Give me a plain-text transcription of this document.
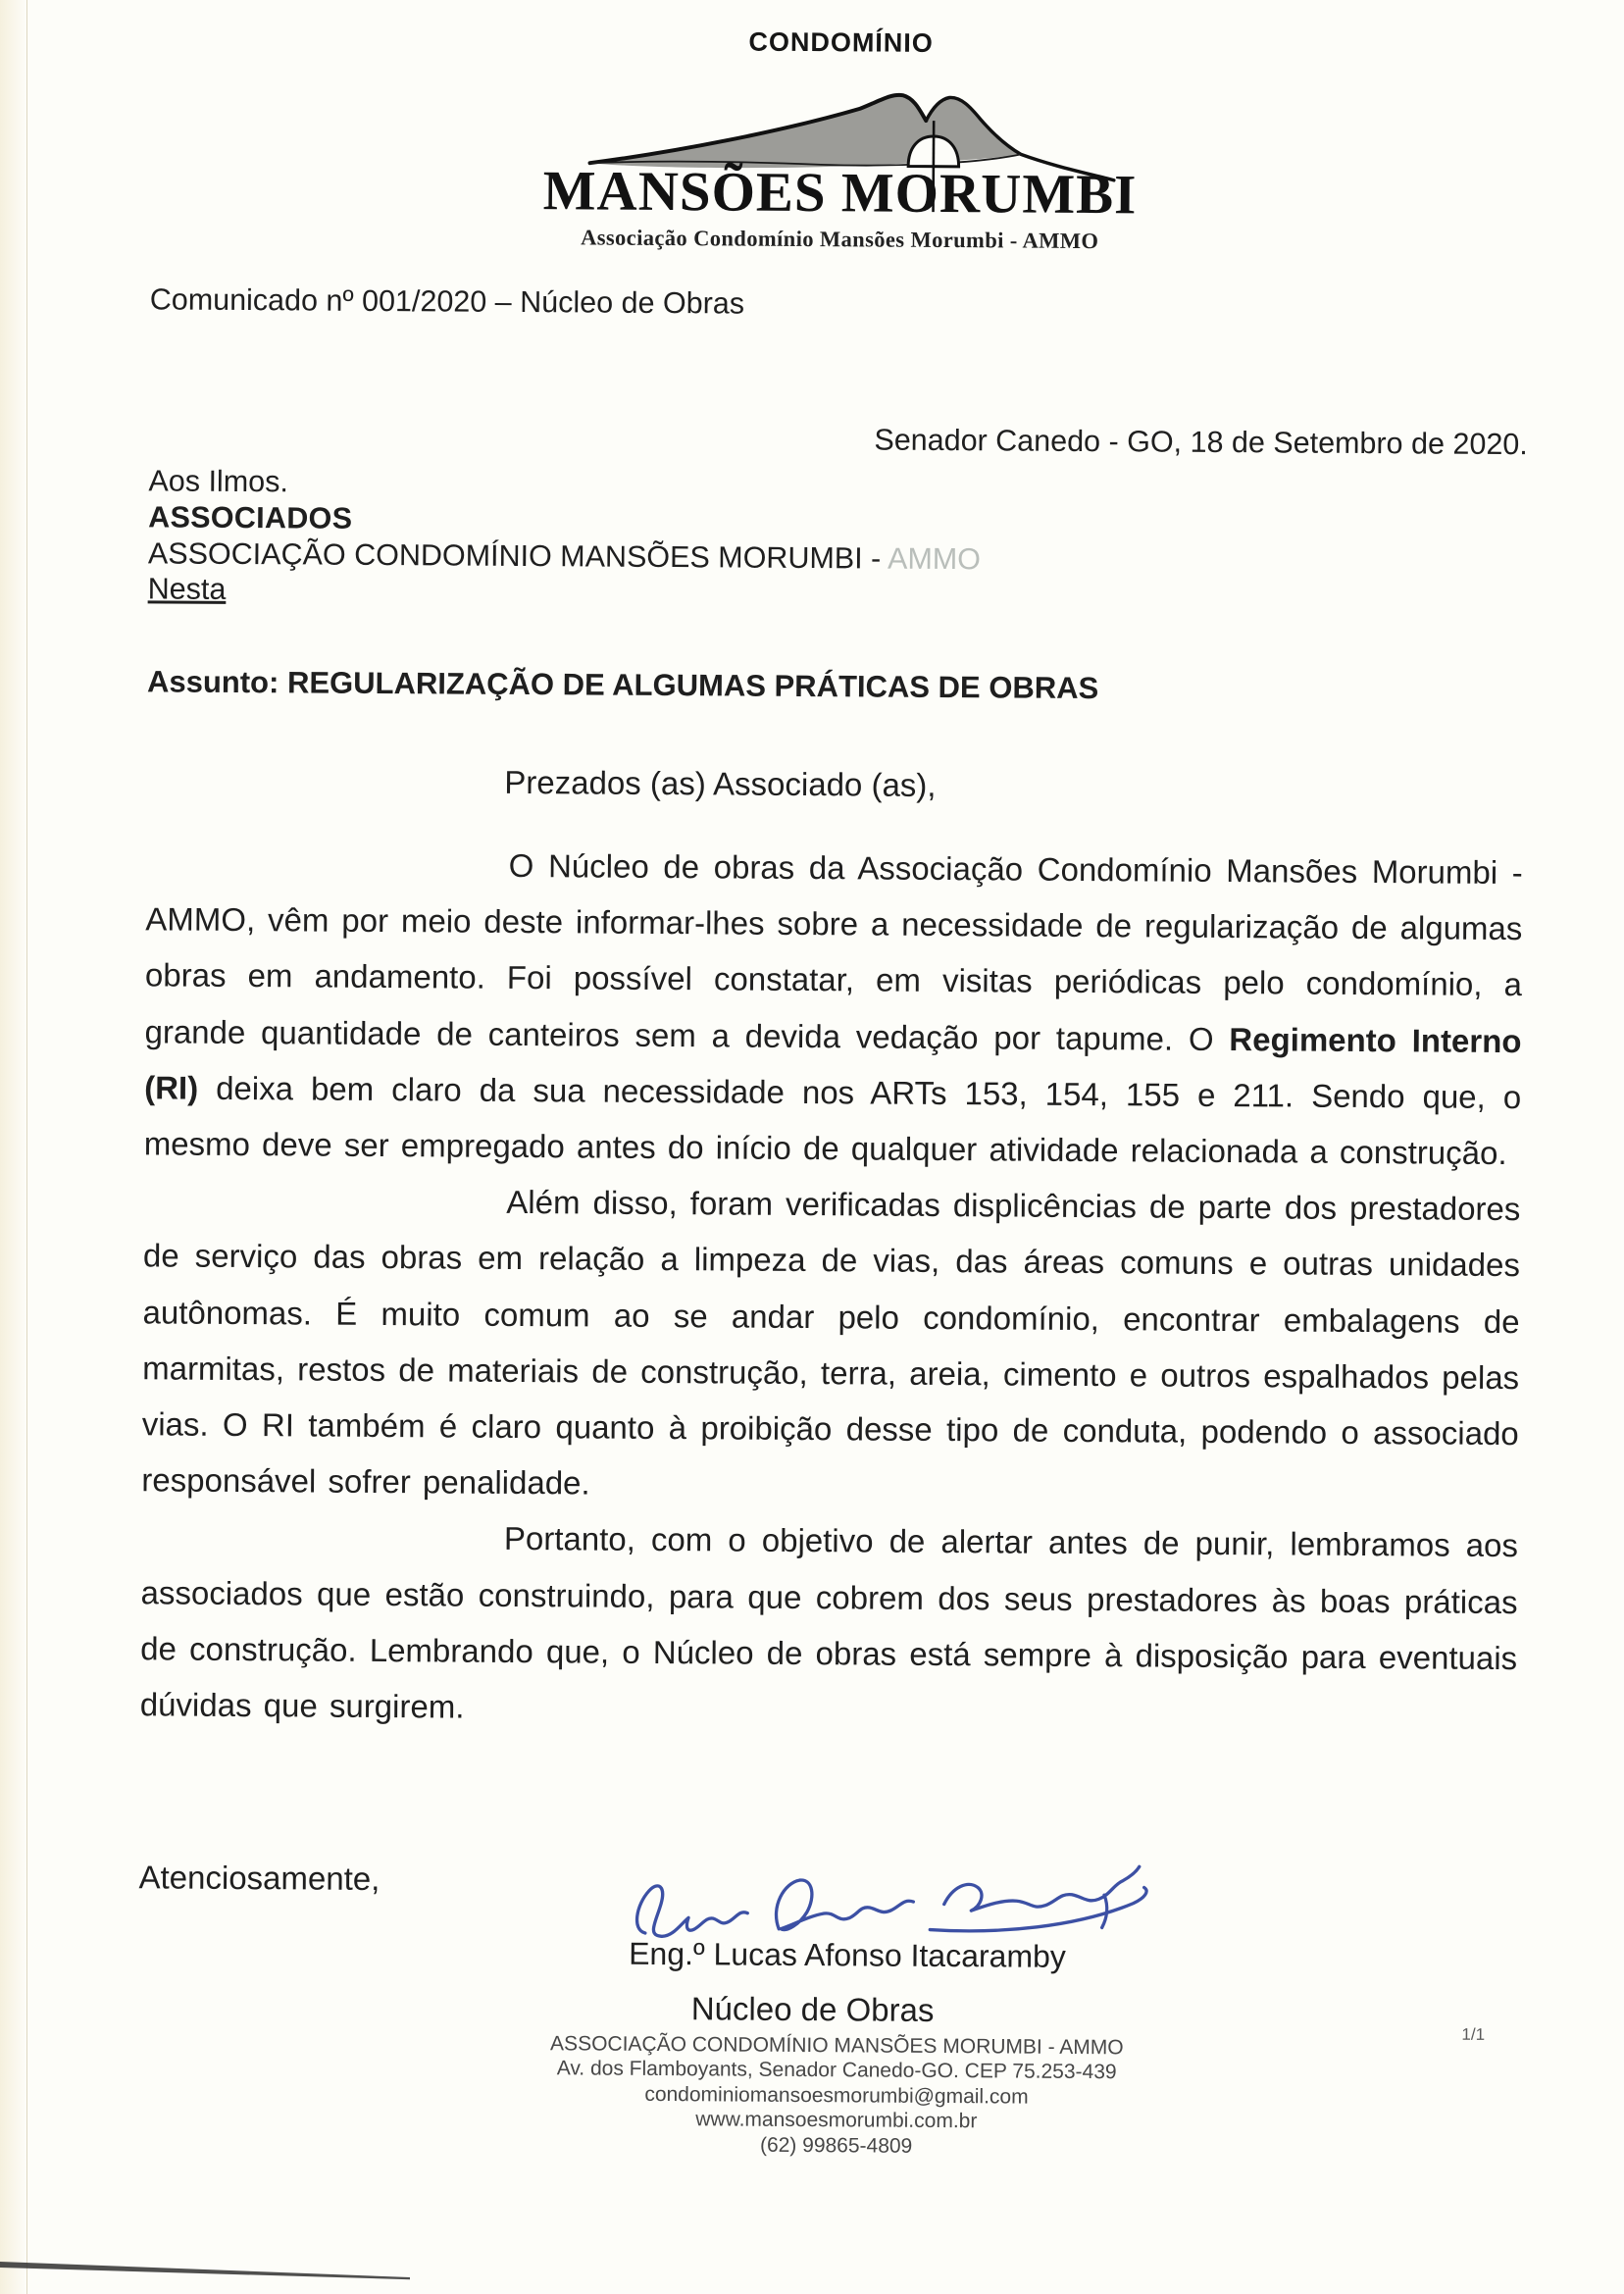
CONDOMÍNIO
MANSÕES MORUMBI
Associação Condomínio Mansões Morumbi - AMMO
Comunicado nº 001/2020 – Núcleo de Obras
Senador Canedo - GO, 18 de Setembro de 2020.
Aos Ilmos.
ASSOCIADOS
ASSOCIAÇÃO CONDOMÍNIO MANSÕES MORUMBI - AMMO
Nesta
Assunto: REGULARIZAÇÃO DE ALGUMAS PRÁTICAS DE OBRAS
Prezados (as) Associado (as),

O Núcleo de obras da Associação Condomínio Mansões Morumbi - AMMO, vêm por meio deste informar-lhes sobre a necessidade de regularização de algumas obras em andamento. Foi possível constatar, em visitas periódicas pelo condomínio, a grande quantidade de canteiros sem a devida vedação por tapume. O Regimento Interno (RI) deixa bem claro da sua necessidade nos ARTs 153, 154, 155 e 211. Sendo que, o mesmo deve ser empregado antes do início de qualquer atividade relacionada a construção.

Além disso, foram verificadas displicências de parte dos prestadores de serviço das obras em relação a limpeza de vias, das áreas comuns e outras unidades autônomas. É muito comum ao se andar pelo condomínio, encontrar embalagens de marmitas, restos de materiais de construção, terra, areia, cimento e outros espalhados pelas vias. O RI também é claro quanto à proibição desse tipo de conduta, podendo o associado responsável sofrer penalidade.

Portanto, com o objetivo de alertar antes de punir, lembramos aos associados que estão construindo, para que cobrem dos seus prestadores às boas práticas de construção. Lembrando que, o Núcleo de obras está sempre à disposição para eventuais dúvidas que surgirem.

Atenciosamente,
Eng.º Lucas Afonso Itacaramby
Núcleo de Obras
ASSOCIAÇÃO CONDOMÍNIO MANSÕES MORUMBI - AMMO
Av. dos Flamboyants, Senador Canedo-GO. CEP 75.253-439
condominiomansoesmorumbi@gmail.com
www.mansoesmorumbi.com.br
(62) 99865-4809
1/1
